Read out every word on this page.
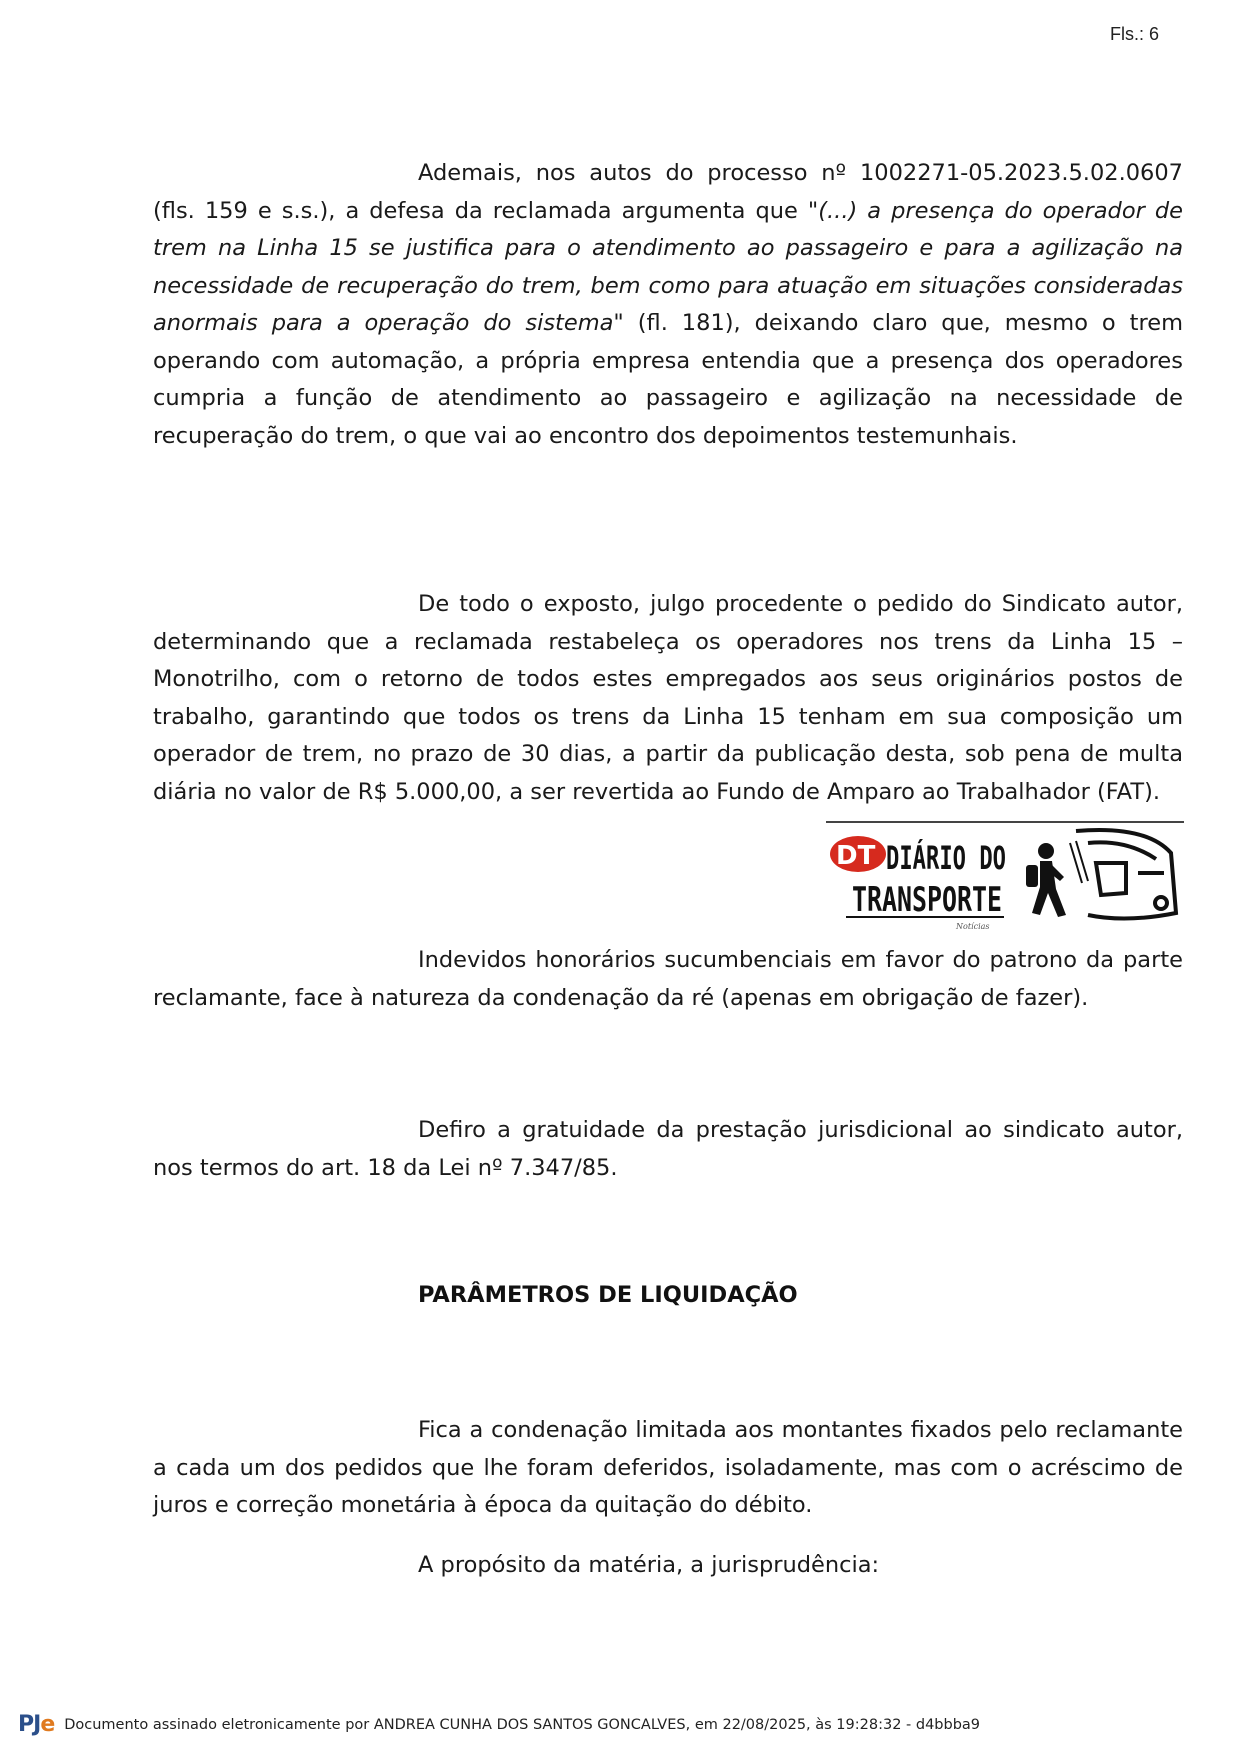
Fls.: 6
Ademais, nos autos do processo nº 1002271-05.2023.5.02.0607 (fls. 159 e s.s.), a defesa da reclamada argumenta que "(...) a presença do operador de trem na Linha 15 se justifica para o atendimento ao passageiro e para a agilização na necessidade de recuperação do trem, bem como para atuação em situações consideradas anormais para a operação do sistema" (fl. 181), deixando claro que, mesmo o trem operando com automação, a própria empresa entendia que a presença dos operadores cumpria a função de atendimento ao passageiro e agilização na necessidade de recuperação do trem, o que vai ao encontro dos depoimentos testemunhais.
De todo o exposto, julgo procedente o pedido do Sindicato autor, determinando que a reclamada restabeleça os operadores nos trens da Linha 15 – Monotrilho, com o retorno de todos estes empregados aos seus originários postos de trabalho, garantindo que todos os trens da Linha 15 tenham em sua composição um operador de trem, no prazo de 30 dias, a partir da publicação desta, sob pena de multa diária no valor de R$ 5.000,00, a ser revertida ao Fundo de Amparo ao Trabalhador (FAT).
DT DIÁRIO DO
TRANSPORTE
Notícias
Indevidos honorários sucumbenciais em favor do patrono da parte reclamante, face à natureza da condenação da ré (apenas em obrigação de fazer).
Defiro a gratuidade da prestação jurisdicional ao sindicato autor, nos termos do art. 18 da Lei nº 7.347/85.
PARÂMETROS DE LIQUIDAÇÃO
Fica a condenação limitada aos montantes fixados pelo reclamante a cada um dos pedidos que lhe foram deferidos, isoladamente, mas com o acréscimo de juros e correção monetária à época da quitação do débito.
A propósito da matéria, a jurisprudência:
PJe Documento assinado eletronicamente por ANDREA CUNHA DOS SANTOS GONCALVES, em 22/08/2025, às 19:28:32 - d4bbba9
